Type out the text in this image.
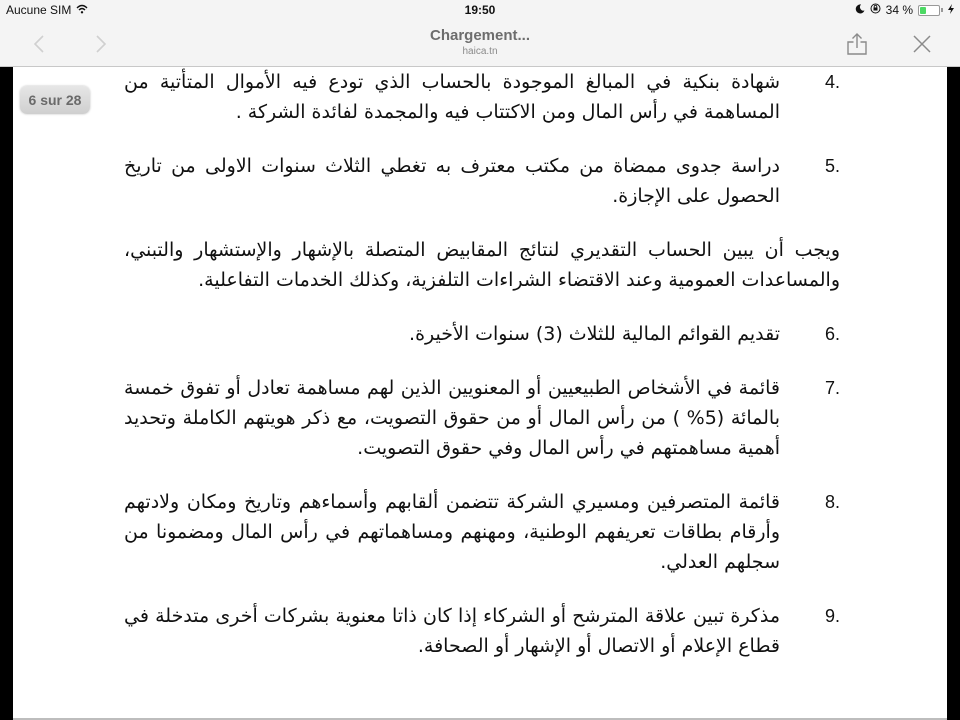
Aucune SIM	19:50	34 %
Chargement...
haica.tn
6 sur 28
4.
شهادة بنكية في المبالغ الموجودة بالحساب الذي تودع فيه الأموال المتأتية من المساهمة في رأس المال ومن الاكتتاب فيه والمجمدة لفائدة الشركة .
5.
دراسة جدوى ممضاة من مكتب معترف به تغطي الثلاث سنوات الاولى من تاريخ الحصول على الإجازة.
ويجب أن يبين الحساب التقديري لنتائج المقابيض المتصلة بالإشهار والإستشهار والتبني، والمساعدات العمومية وعند الاقتضاء الشراءات التلفزية، وكذلك الخدمات التفاعلية.
6.
تقديم القوائم المالية للثلاث (3) سنوات الأخيرة.
7.
قائمة في الأشخاص الطبيعيين أو المعنويين الذين لهم مساهمة تعادل أو تفوق خمسة بالمائة (5% ) من رأس المال أو من حقوق التصويت، مع ذكر هويتهم الكاملة وتحديد أهمية مساهمتهم في رأس المال وفي حقوق التصويت.
8.
قائمة المتصرفين ومسيري الشركة تتضمن ألقابهم وأسماءهم وتاريخ ومكان ولادتهم وأرقام بطاقات تعريفهم الوطنية، ومهنهم ومساهماتهم في رأس المال ومضمونا من سجلهم العدلي.
9.
مذكرة تبين علاقة المترشح أو الشركاء إذا كان ذاتا معنوية بشركات أخرى متدخلة في قطاع الإعلام أو الاتصال أو الإشهار أو الصحافة.
